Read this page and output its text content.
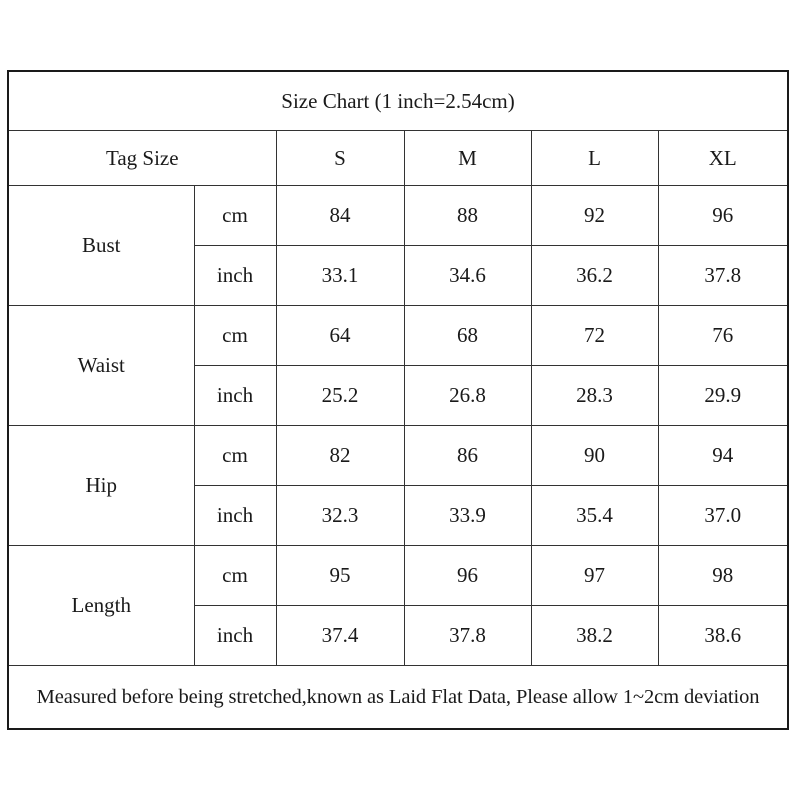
Size Chart (1 inch=2.54cm)					
Tag Size		S	M	L	XL
Bust	cm	84	88	92	96
	inch	33.1	34.6	36.2	37.8
Waist	cm	64	68	72	76
	inch	25.2	26.8	28.3	29.9
Hip	cm	82	86	90	94
	inch	32.3	33.9	35.4	37.0
Length	cm	95	96	97	98
	inch	37.4	37.8	38.2	38.6
Measured before being stretched,known as Laid Flat Data, Please allow 1~2cm deviation					
